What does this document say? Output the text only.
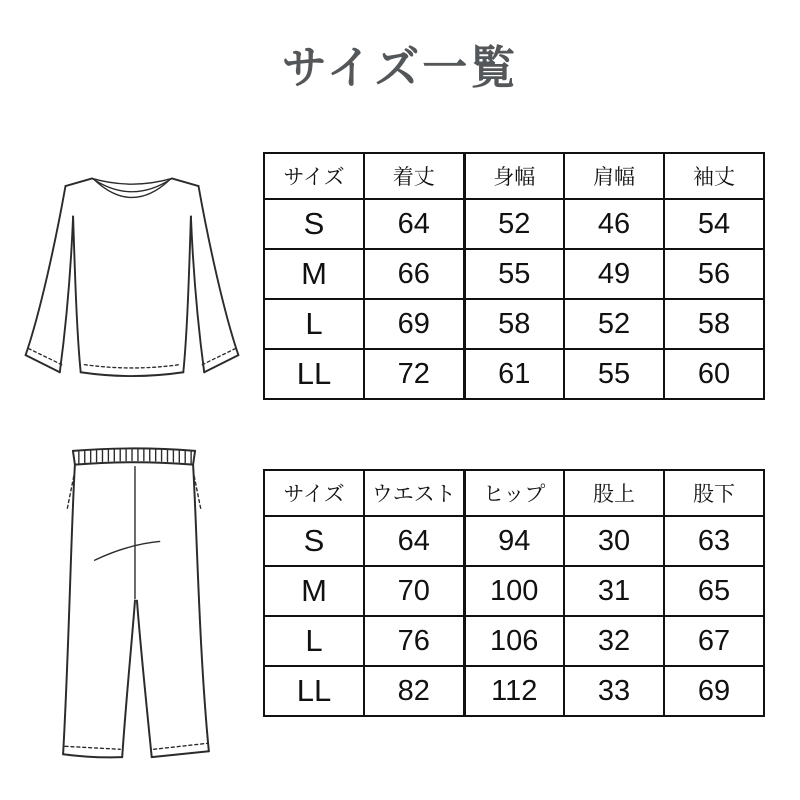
サイズ一覧
サイズ	着丈	身幅	肩幅	袖丈
S	64	52	46	54
M	66	55	49	56
L	69	58	52	58
LL	72	61	55	60
サイズ	ウエスト	ヒップ	股上	股下
S	64	94	30	63
M	70	100	31	65
L	76	106	32	67
LL	82	112	33	69
